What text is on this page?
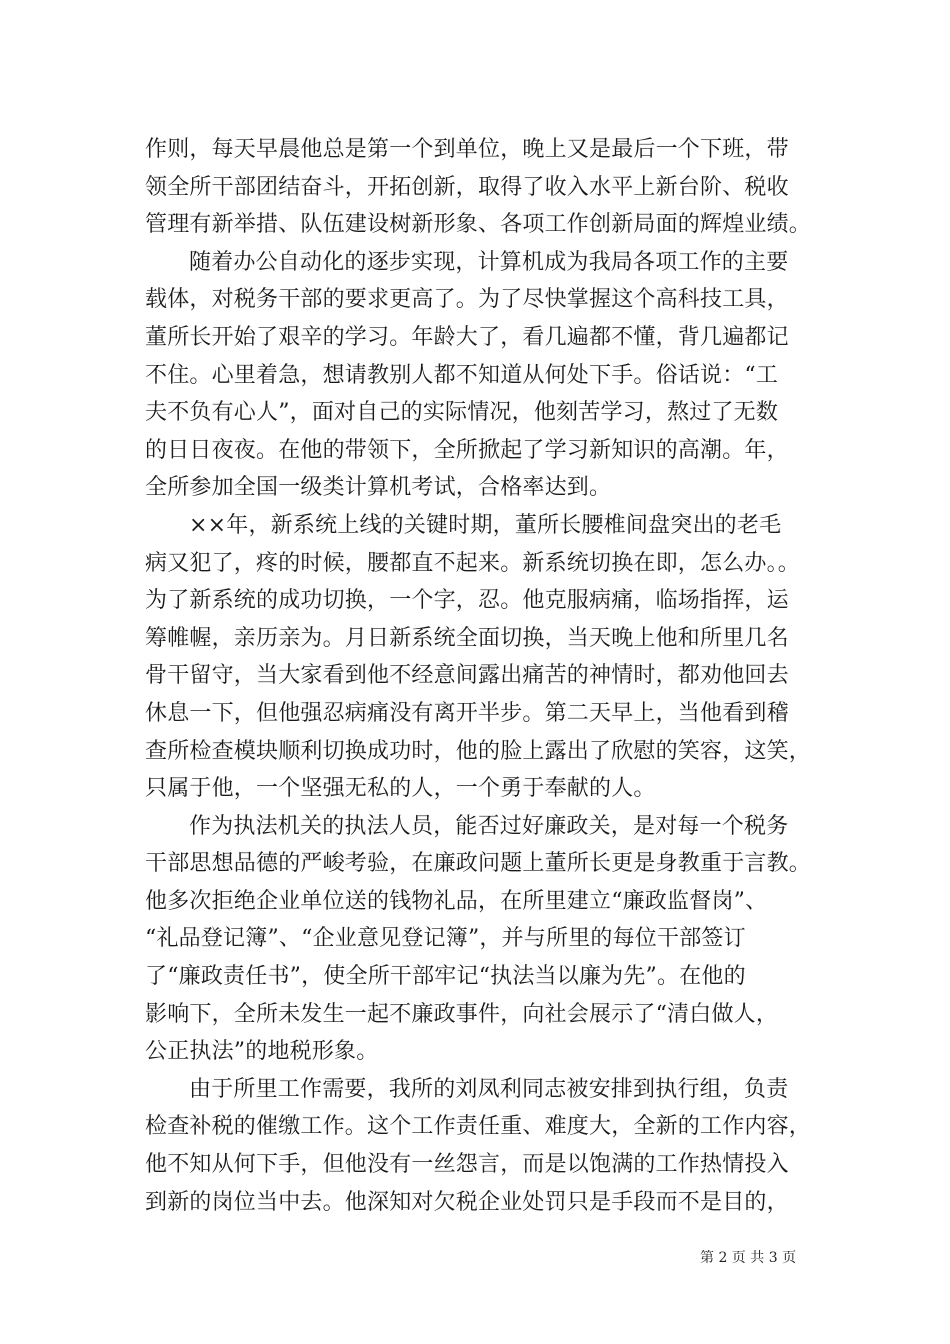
作则，每天早晨他总是第一个到单位，晚上又是最后一个下班，带
领全所干部团结奋斗，开拓创新，取得了收入水平上新台阶、税收
管理有新举措、队伍建设树新形象、各项工作创新局面的辉煌业绩。
随着办公自动化的逐步实现，计算机成为我局各项工作的主要
载体，对税务干部的要求更高了。为了尽快掌握这个高科技工具，
董所长开始了艰辛的学习。年龄大了，看几遍都不懂，背几遍都记
不住。心里着急，想请教别人都不知道从何处下手。俗话说：“工
夫不负有心人”，面对自己的实际情况，他刻苦学习，熬过了无数
的日日夜夜。在他的带领下，全所掀起了学习新知识的高潮。年，
全所参加全国一级类计算机考试，合格率达到。
××年，新系统上线的关键时期，董所长腰椎间盘突出的老毛
病又犯了，疼的时候，腰都直不起来。新系统切换在即，怎么办。。
为了新系统的成功切换，一个字，忍。他克服病痛，临场指挥，运
筹帷幄，亲历亲为。月日新系统全面切换，当天晚上他和所里几名
骨干留守，当大家看到他不经意间露出痛苦的神情时，都劝他回去
休息一下，但他强忍病痛没有离开半步。第二天早上，当他看到稽
查所检查模块顺利切换成功时，他的脸上露出了欣慰的笑容，这笑，
只属于他，一个坚强无私的人，一个勇于奉献的人。
作为执法机关的执法人员，能否过好廉政关，是对每一个税务
干部思想品德的严峻考验，在廉政问题上董所长更是身教重于言教。
他多次拒绝企业单位送的钱物礼品，在所里建立“廉政监督岗”、
“礼品登记簿”、“企业意见登记簿”，并与所里的每位干部签订
了“廉政责任书”，使全所干部牢记“执法当以廉为先”。在他的
影响下，全所未发生一起不廉政事件，向社会展示了“清白做人，
公正执法”的地税形象。
由于所里工作需要，我所的刘凤利同志被安排到执行组，负责
检查补税的催缴工作。这个工作责任重、难度大，全新的工作内容，
他不知从何下手，但他没有一丝怨言，而是以饱满的工作热情投入
到新的岗位当中去。他深知对欠税企业处罚只是手段而不是目的，
第 2 页 共 3 页
